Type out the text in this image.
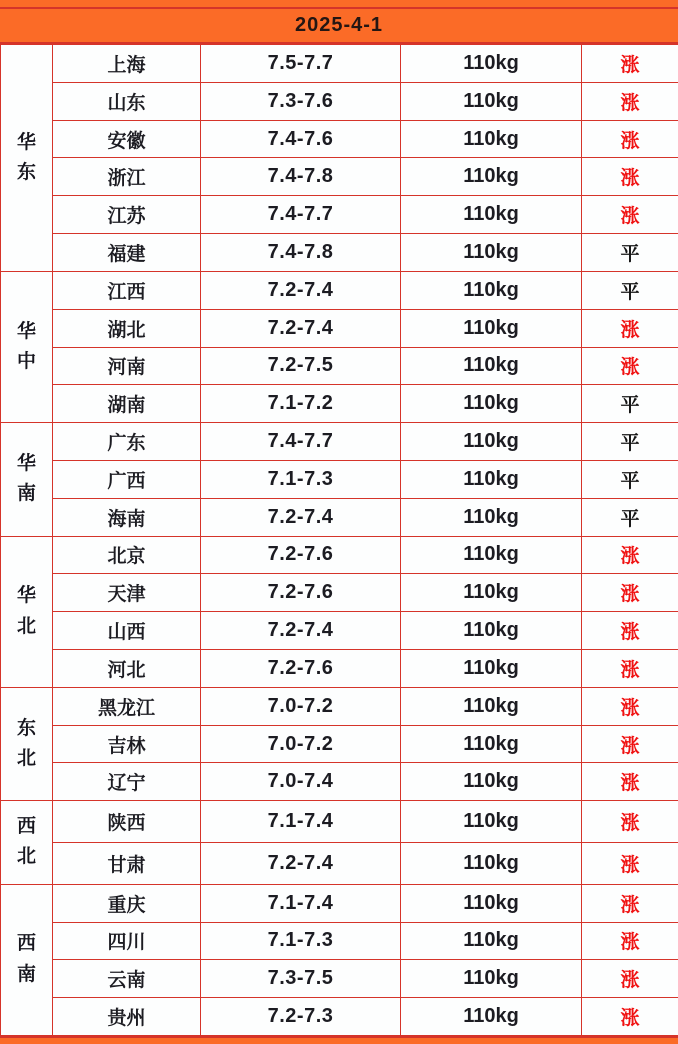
2025-4-1
华东	上海	7.5-7.7	110kg	涨
	山东	7.3-7.6	110kg	涨
	安徽	7.4-7.6	110kg	涨
	浙江	7.4-7.8	110kg	涨
	江苏	7.4-7.7	110kg	涨
	福建	7.4-7.8	110kg	平
华中	江西	7.2-7.4	110kg	平
	湖北	7.2-7.4	110kg	涨
	河南	7.2-7.5	110kg	涨
	湖南	7.1-7.2	110kg	平
华南	广东	7.4-7.7	110kg	平
	广西	7.1-7.3	110kg	平
	海南	7.2-7.4	110kg	平
华北	北京	7.2-7.6	110kg	涨
	天津	7.2-7.6	110kg	涨
	山西	7.2-7.4	110kg	涨
	河北	7.2-7.6	110kg	涨
东北	黑龙江	7.0-7.2	110kg	涨
	吉林	7.0-7.2	110kg	涨
	辽宁	7.0-7.4	110kg	涨
西北	陕西	7.1-7.4	110kg	涨
	甘肃	7.2-7.4	110kg	涨
西南	重庆	7.1-7.4	110kg	涨
	四川	7.1-7.3	110kg	涨
	云南	7.3-7.5	110kg	涨
	贵州	7.2-7.3	110kg	涨
